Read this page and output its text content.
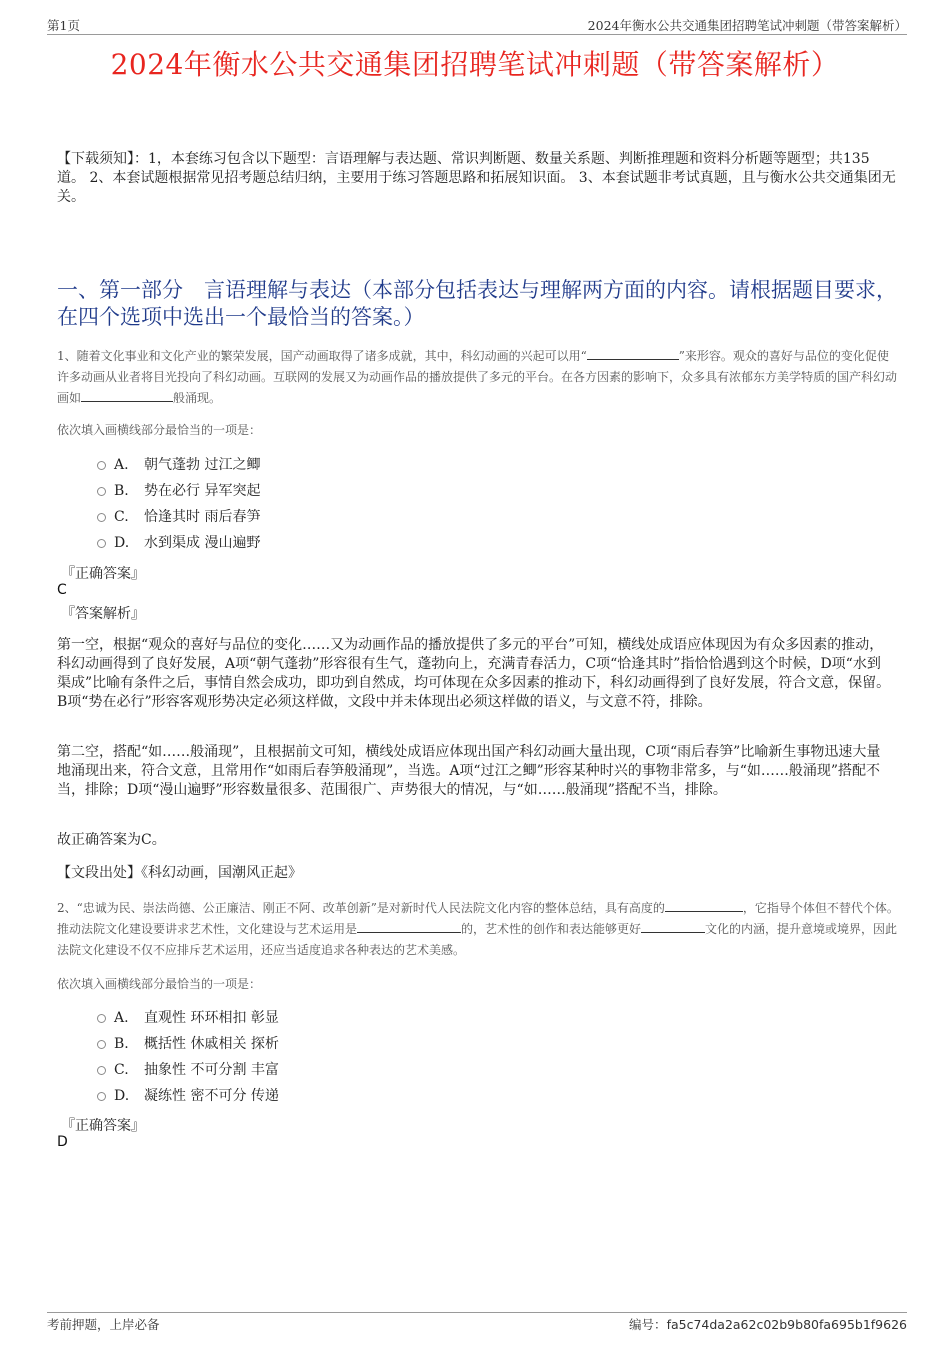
第1页	2024年衡水公共交通集团招聘笔试冲刺题（带答案解析）
2024年衡水公共交通集团招聘笔试冲刺题（带答案解析）
【下载须知】：1，本套练习包含以下题型：言语理解与表达题、常识判断题、数量关系题、判断推理题和资料分析题等题型；共135道。 2、本套试题根据常见招考题总结归纳，主要用于练习答题思路和拓展知识面。 3、本套试题非考试真题，且与衡水公共交通集团无关。
一、第一部分　言语理解与表达（本部分包括表达与理解两方面的内容。请根据题目要求，在四个选项中选出一个最恰当的答案。）
1、随着文化事业和文化产业的繁荣发展，国产动画取得了诸多成就，其中，科幻动画的兴起可以用“	”来形容。观众的喜好与品位的变化促使许多动画从业者将目光投向了科幻动画。互联网的发展又为动画作品的播放提供了多元的平台。在各方因素的影响下，众多具有浓郁东方美学特质的国产科幻动画如	般涌现。
依次填入画横线部分最恰当的一项是：
A.	朝气蓬勃 过江之鲫
B.	势在必行 异军突起
C.	恰逢其时 雨后春笋
D.	水到渠成 漫山遍野
『正确答案』
C
『答案解析』
第一空，根据“观众的喜好与品位的变化……又为动画作品的播放提供了多元的平台”可知，横线处成语应体现因为有众多因素的推动，科幻动画得到了良好发展，A项“朝气蓬勃”形容很有生气，蓬勃向上，充满青春活力，C项“恰逢其时”指恰恰遇到这个时候，D项“水到渠成”比喻有条件之后，事情自然会成功，即功到自然成，均可体现在众多因素的推动下，科幻动画得到了良好发展，符合文意，保留。B项“势在必行”形容客观形势决定必须这样做，文段中并未体现出必须这样做的语义，与文意不符，排除。
第二空，搭配“如……般涌现”，且根据前文可知，横线处成语应体现出国产科幻动画大量出现，C项“雨后春笋”比喻新生事物迅速大量地涌现出来，符合文意，且常用作“如雨后春笋般涌现”，当选。A项“过江之鲫”形容某种时兴的事物非常多，与“如……般涌现”搭配不当，排除；D项“漫山遍野”形容数量很多、范围很广、声势很大的情况，与“如……般涌现”搭配不当，排除。
故正确答案为C。
【文段出处】《科幻动画，国潮风正起》
2、“忠诚为民、崇法尚德、公正廉洁、刚正不阿、改革创新”是对新时代人民法院文化内容的整体总结，具有高度的	，它指导个体但不替代个体。推动法院文化建设要讲求艺术性，文化建设与艺术运用是	的，艺术性的创作和表达能够更好	文化的内涵，提升意境或境界，因此法院文化建设不仅不应排斥艺术运用，还应当适度追求各种表达的艺术美感。
依次填入画横线部分最恰当的一项是：
A.	直观性 环环相扣 彰显
B.	概括性 休戚相关 探析
C.	抽象性 不可分割 丰富
D.	凝练性 密不可分 传递
『正确答案』
D
考前押题，上岸必备	编号：fa5c74da2a62c02b9b80fa695b1f9626
